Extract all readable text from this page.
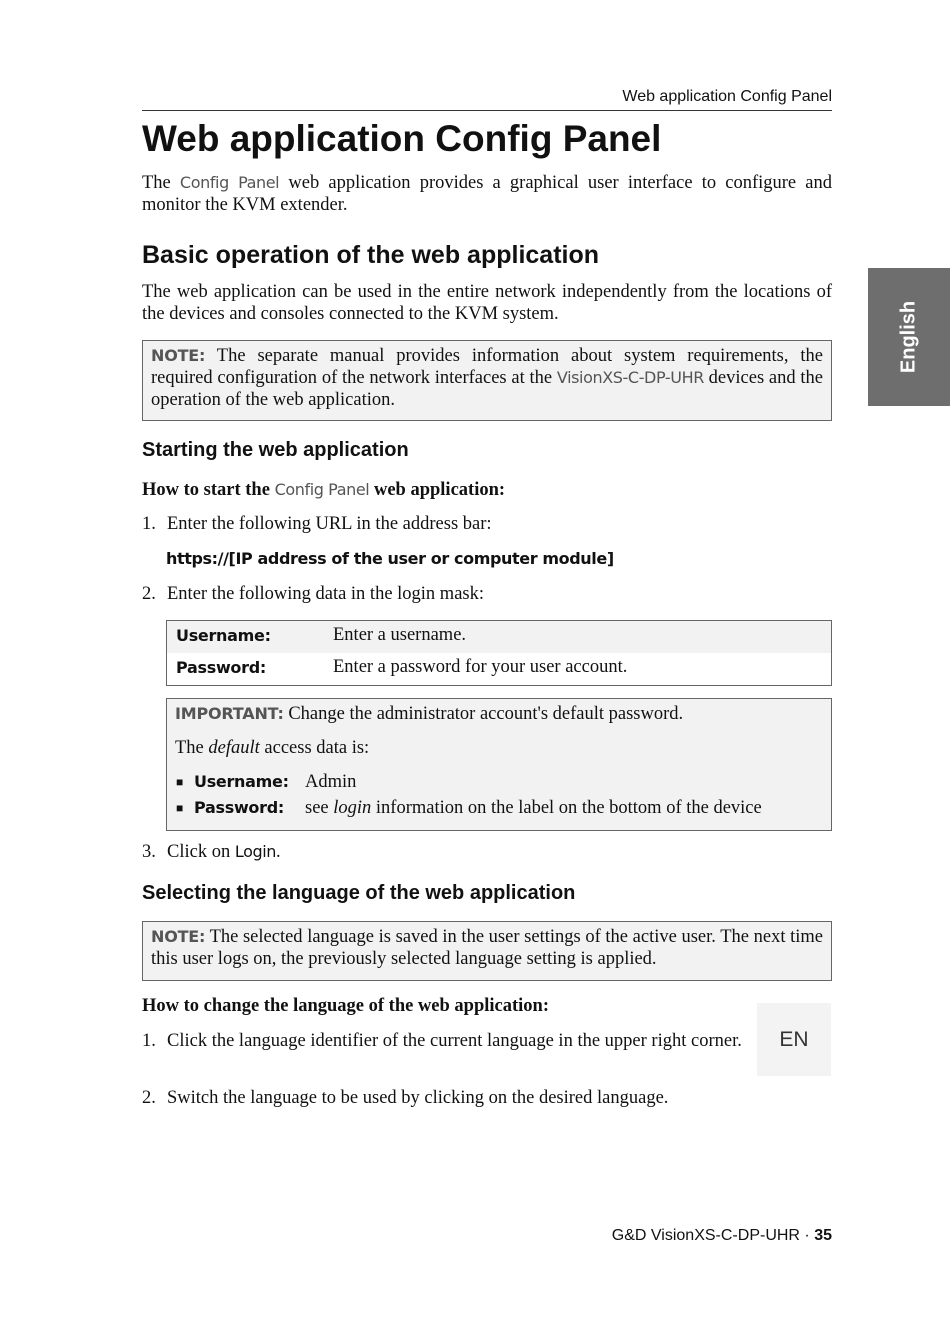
Web application Config Panel
English
Web application Config Panel
The Config Panel web application provides a graphical user interface to configure and monitor the KVM extender.
Basic operation of the web application
The web application can be used in the entire network independently from the locations of the devices and consoles connected to the KVM system.
NOTE: The separate manual provides information about system requirements, the required configuration of the network interfaces at the VisionXS-C-DP-UHR devices and the operation of the web application.
Starting the web application
How to start the Config Panel web application:
1. Enter the following URL in the address bar:
https://[IP address of the user or computer module]
2. Enter the following data in the login mask:
Username:	Enter a username.
Password:	Enter a password for your user account.
IMPORTANT: Change the administrator account's default password.
The default access data is:
■ Username: Admin
■ Password: see login information on the label on the bottom of the device
3. Click on Login.
Selecting the language of the web application
NOTE: The selected language is saved in the user settings of the active user. The next time this user logs on, the previously selected language setting is applied.
How to change the language of the web application:
1. Click the language identifier of the current language in the upper right corner.	EN
2. Switch the language to be used by clicking on the desired language.
G&D VisionXS-C-DP-UHR · 35
